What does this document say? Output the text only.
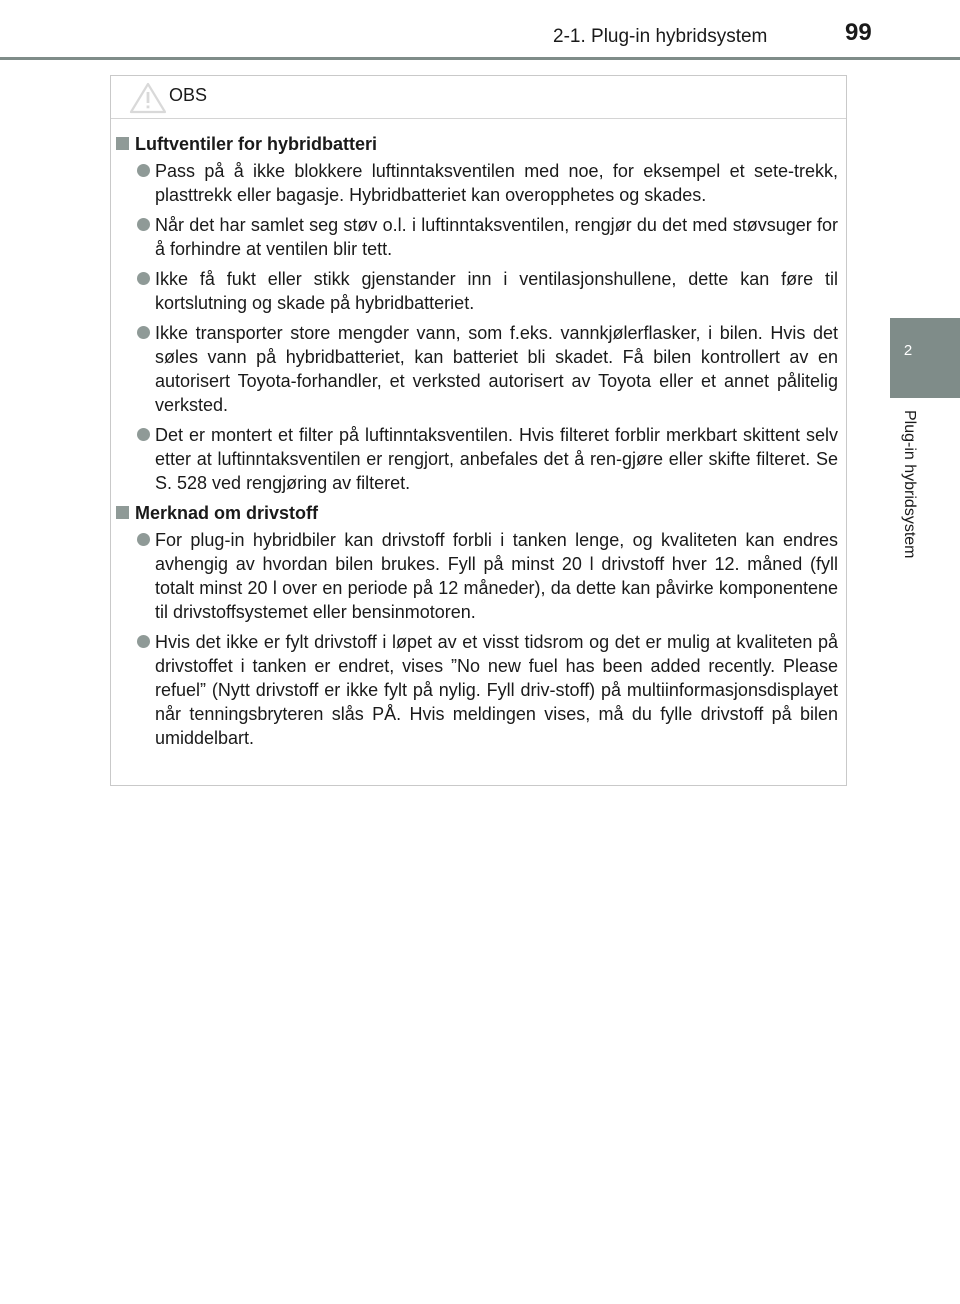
2-1. Plug-in hybridsystem	99
2
Plug-in hybridsystem
OBS
Luftventiler for hybridbatteri
Pass på å ikke blokkere luftinntaksventilen med noe, for eksempel et sete-trekk, plasttrekk eller bagasje. Hybridbatteriet kan overopphetes og skades.
Når det har samlet seg støv o.l. i luftinntaksventilen, rengjør du det med støvsuger for å forhindre at ventilen blir tett.
Ikke få fukt eller stikk gjenstander inn i ventilasjonshullene, dette kan føre til kortslutning og skade på hybridbatteriet.
Ikke transporter store mengder vann, som f.eks. vannkjølerflasker, i bilen. Hvis det søles vann på hybridbatteriet, kan batteriet bli skadet. Få bilen kontrollert av en autorisert Toyota-forhandler, et verksted autorisert av Toyota eller et annet pålitelig verksted.
Det er montert et filter på luftinntaksventilen. Hvis filteret forblir merkbart skittent selv etter at luftinntaksventilen er rengjort, anbefales det å ren-gjøre eller skifte filteret. Se S. 528 ved rengjøring av filteret.
Merknad om drivstoff
For plug-in hybridbiler kan drivstoff forbli i tanken lenge, og kvaliteten kan endres avhengig av hvordan bilen brukes. Fyll på minst 20 l drivstoff hver 12. måned (fyll totalt minst 20 l over en periode på 12 måneder), da dette kan påvirke komponentene til drivstoffsystemet eller bensinmotoren.
Hvis det ikke er fylt drivstoff i løpet av et visst tidsrom og det er mulig at kvaliteten på drivstoffet i tanken er endret, vises ”No new fuel has been added recently. Please refuel” (Nytt drivstoff er ikke fylt på nylig. Fyll driv-stoff) på multiinformasjonsdisplayet når tenningsbryteren slås PÅ. Hvis meldingen vises, må du fylle drivstoff på bilen umiddelbart.
